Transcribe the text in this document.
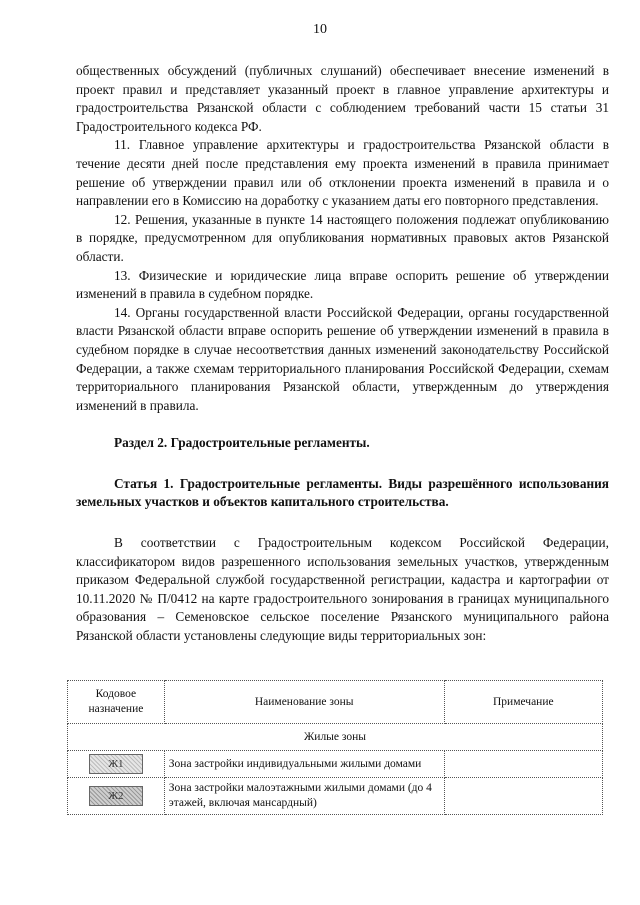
10

общественных обсуждений (публичных слушаний) обеспечивает внесение изменений в проект правил и представляет указанный проект в главное управление архитектуры и градостроительства Рязанской области с соблюдением требований части 15 статьи 31 Градостроительного кодекса РФ.

11. Главное управление архитектуры и градостроительства Рязанской области в течение десяти дней после представления ему проекта изменений в правила принимает решение об утверждении правил или об отклонении проекта изменений в правила и о направлении его в Комиссию на доработку с указанием даты его повторного представления.

12. Решения, указанные в пункте 14 настоящего положения подлежат опубликованию в порядке, предусмотренном для опубликования нормативных правовых актов Рязанской области.

13. Физические и юридические лица вправе оспорить решение об утверждении изменений в правила в судебном порядке.

14. Органы государственной власти Российской Федерации, органы государственной власти Рязанской области вправе оспорить решение об утверждении изменений в правила в судебном порядке в случае несоответствия данных изменений законодательству Российской Федерации, а также схемам территориального планирования Российской Федерации, схемам территориального планирования Рязанской области, утвержденным до утверждения изменений в правила.

Раздел 2. Градостроительные регламенты.

Статья 1. Градостроительные регламенты. Виды разрешённого использования земельных участков и объектов капитального строительства.

В соответствии с Градостроительным кодексом Российской Федерации, классификатором видов разрешенного использования земельных участков, утвержденным приказом Федеральной службой государственной регистрации, кадастра и картографии от 10.11.2020 № П/0412 на карте градостроительного зонирования в границах муниципального образования – Семеновское сельское поселение Рязанского муниципального района Рязанской области установлены следующие виды территориальных зон:

Кодовое назначение	Наименование зоны	Примечание
Жилые зоны		
Ж1	Зона застройки индивидуальными жилыми домами	
Ж2	Зона застройки малоэтажными жилыми домами (до 4 этажей, включая мансардный)	
